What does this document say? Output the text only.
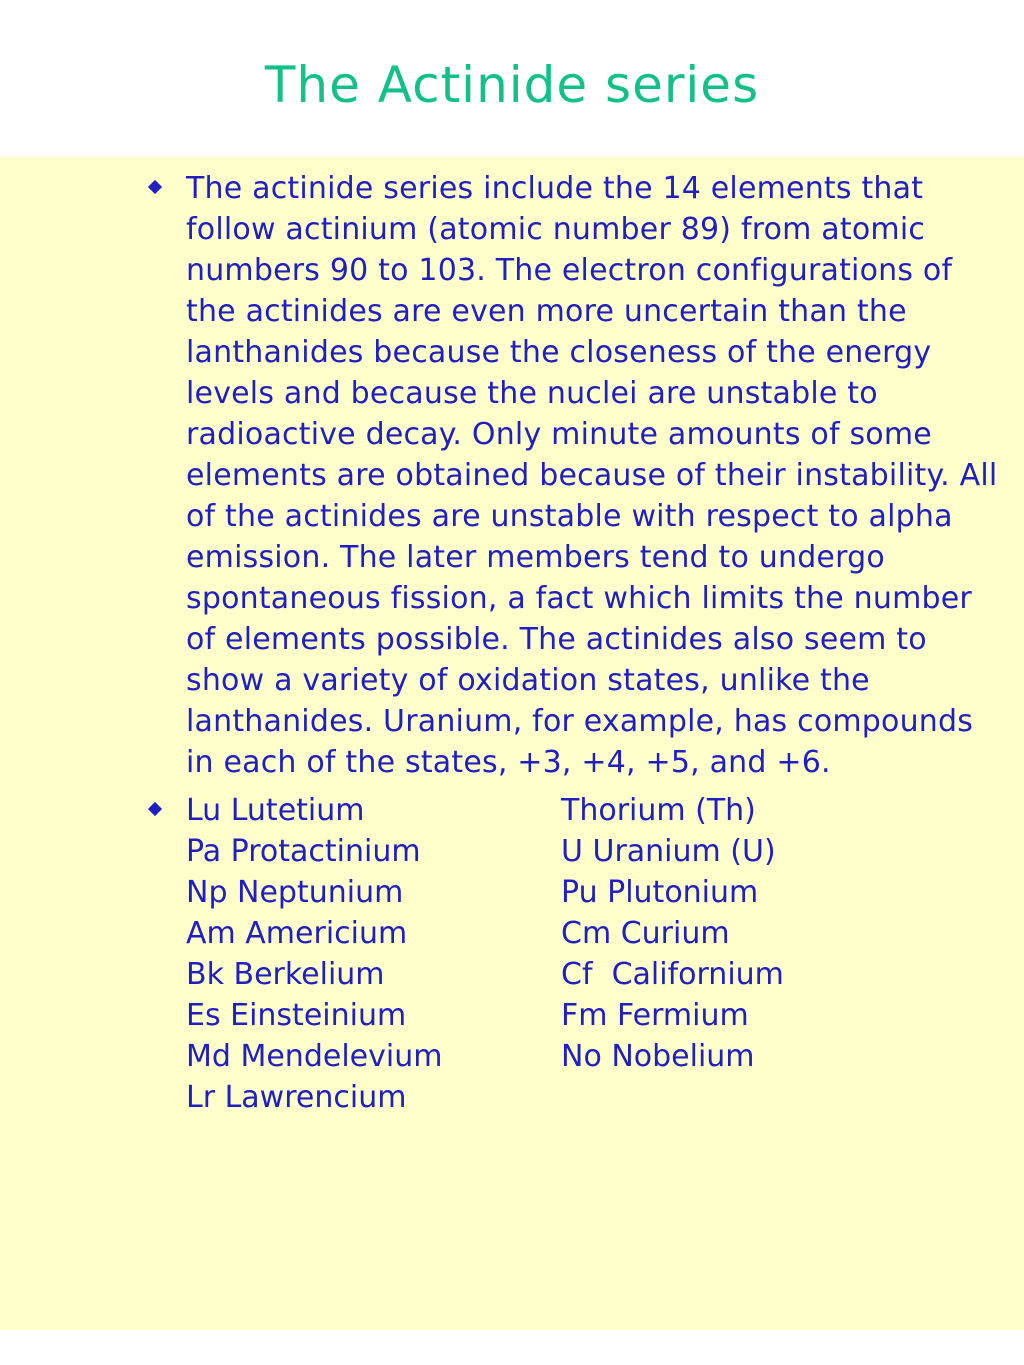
The Actinide series
The actinide series include the 14 elements that follow actinium (atomic number 89) from atomic numbers 90 to 103. The electron configurations of the actinides are even more uncertain than the lanthanides because the closeness of the energy levels and because the nuclei are unstable to radioactive decay. Only minute amounts of some elements are obtained because of their instability. All of the actinides are unstable with respect to alpha emission. The later members tend to undergo spontaneous fission, a fact which limits the number of elements possible. The actinides also seem to show a variety of oxidation states, unlike the lanthanides. Uranium, for example, has compounds in each of the states, +3, +4, +5, and +6.

Lu Lutetium

	Thorium (Th)

Pa Protactinium

	U Uranium (U)

Np Neptunium

	Pu Plutonium

Am Americium

	Cm Curium

Bk Berkelium

	Cf  Californium

Es Einsteinium

	Fm Fermium

Md Mendelevium

	No Nobelium

Lr Lawrencium
